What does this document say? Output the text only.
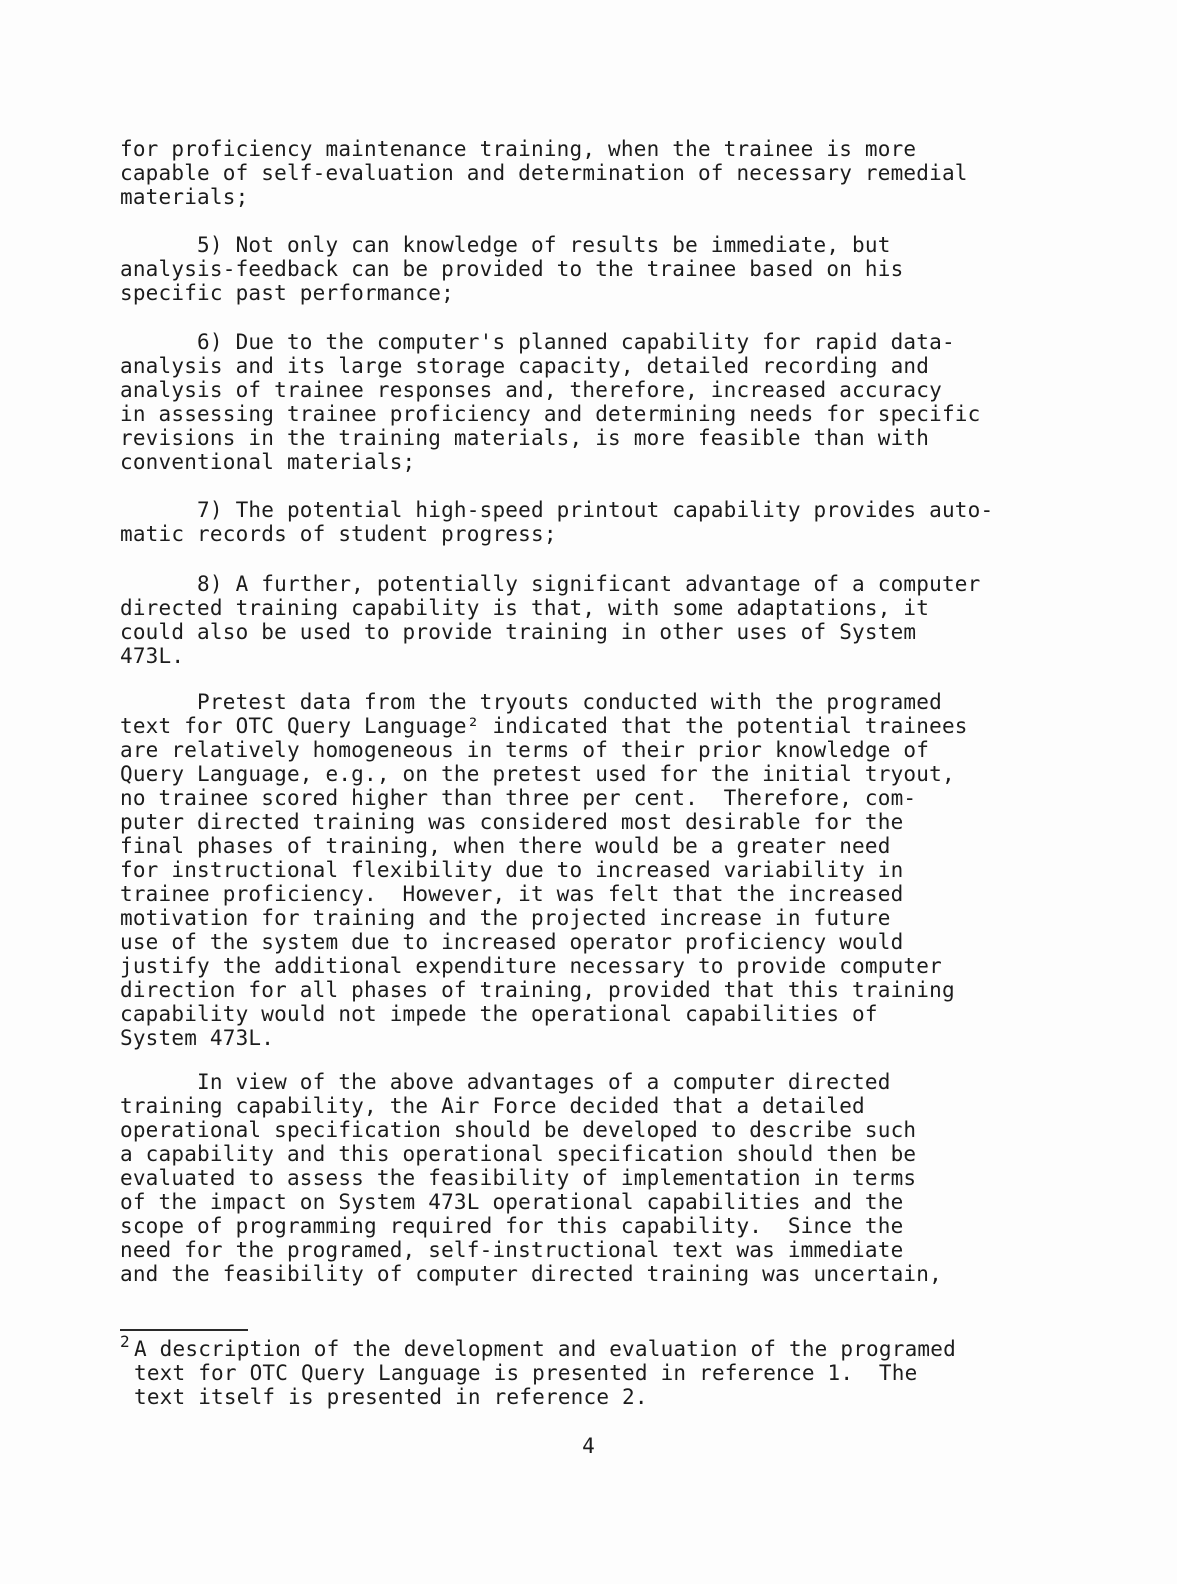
for proficiency maintenance training, when the trainee is more
capable of self-evaluation and determination of necessary remedial
materials;
5) Not only can knowledge of results be immediate, but
analysis-feedback can be provided to the trainee based on his
specific past performance;
6) Due to the computer's planned capability for rapid data-
analysis and its large storage capacity, detailed recording and
analysis of trainee responses and, therefore, increased accuracy
in assessing trainee proficiency and determining needs for specific
revisions in the training materials, is more feasible than with
conventional materials;
7) The potential high-speed printout capability provides auto-
matic records of student progress;
8) A further, potentially significant advantage of a computer
directed training capability is that, with some adaptations, it
could also be used to provide training in other uses of System
473L.
Pretest data from the tryouts conducted with the programed
text for OTC Query Language² indicated that the potential trainees
are relatively homogeneous in terms of their prior knowledge of
Query Language, e.g., on the pretest used for the initial tryout,
no trainee scored higher than three per cent.  Therefore, com-
puter directed training was considered most desirable for the
final phases of training, when there would be a greater need
for instructional flexibility due to increased variability in
trainee proficiency.  However, it was felt that the increased
motivation for training and the projected increase in future
use of the system due to increased operator proficiency would
justify the additional expenditure necessary to provide computer
direction for all phases of training, provided that this training
capability would not impede the operational capabilities of
System 473L.
In view of the above advantages of a computer directed
training capability, the Air Force decided that a detailed
operational specification should be developed to describe such
a capability and this operational specification should then be
evaluated to assess the feasibility of implementation in terms
of the impact on System 473L operational capabilities and the
scope of programming required for this capability.  Since the
need for the programed, self-instructional text was immediate
and the feasibility of computer directed training was uncertain,
2 A description of the development and evaluation of the programed
text for OTC Query Language is presented in reference 1.  The
text itself is presented in reference 2.
4
